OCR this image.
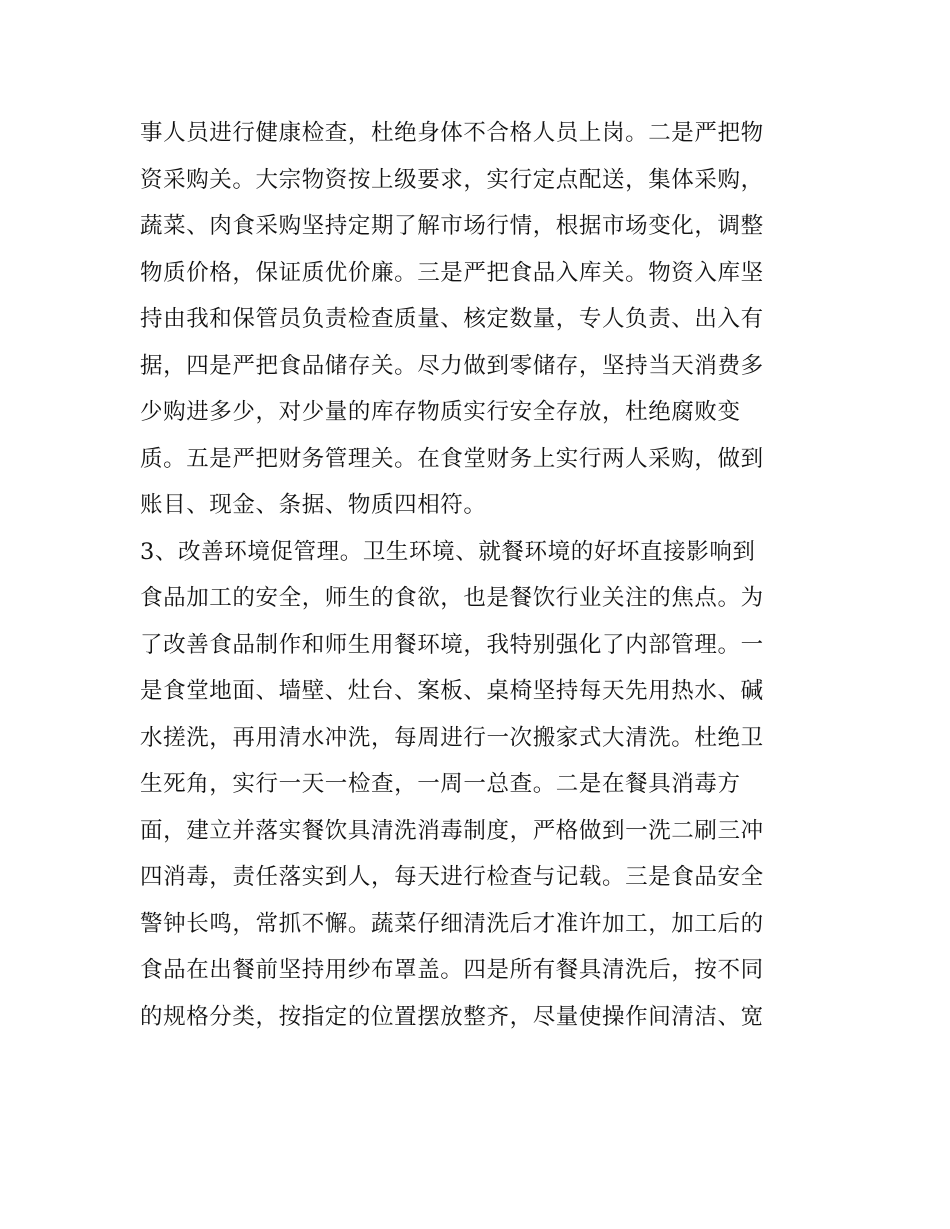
事人员进行健康检查，杜绝身体不合格人员上岗。二是严把物
资采购关。大宗物资按上级要求，实行定点配送，集体采购，
蔬菜、肉食采购坚持定期了解市场行情，根据市场变化，调整
物质价格，保证质优价廉。三是严把食品入库关。物资入库坚
持由我和保管员负责检查质量、核定数量，专人负责、出入有
据，四是严把食品储存关。尽力做到零储存，坚持当天消费多
少购进多少，对少量的库存物质实行安全存放，杜绝腐败变
质。五是严把财务管理关。在食堂财务上实行两人采购，做到
账目、现金、条据、物质四相符。
3、改善环境促管理。卫生环境、就餐环境的好坏直接影响到
食品加工的安全，师生的食欲，也是餐饮行业关注的焦点。为
了改善食品制作和师生用餐环境，我特别强化了内部管理。一
是食堂地面、墙壁、灶台、案板、桌椅坚持每天先用热水、碱
水搓洗，再用清水冲洗，每周进行一次搬家式大清洗。杜绝卫
生死角，实行一天一检查，一周一总查。二是在餐具消毒方
面，建立并落实餐饮具清洗消毒制度，严格做到一洗二刷三冲
四消毒，责任落实到人，每天进行检查与记载。三是食品安全
警钟长鸣，常抓不懈。蔬菜仔细清洗后才准许加工，加工后的
食品在出餐前坚持用纱布罩盖。四是所有餐具清洗后，按不同
的规格分类，按指定的位置摆放整齐，尽量使操作间清洁、宽
